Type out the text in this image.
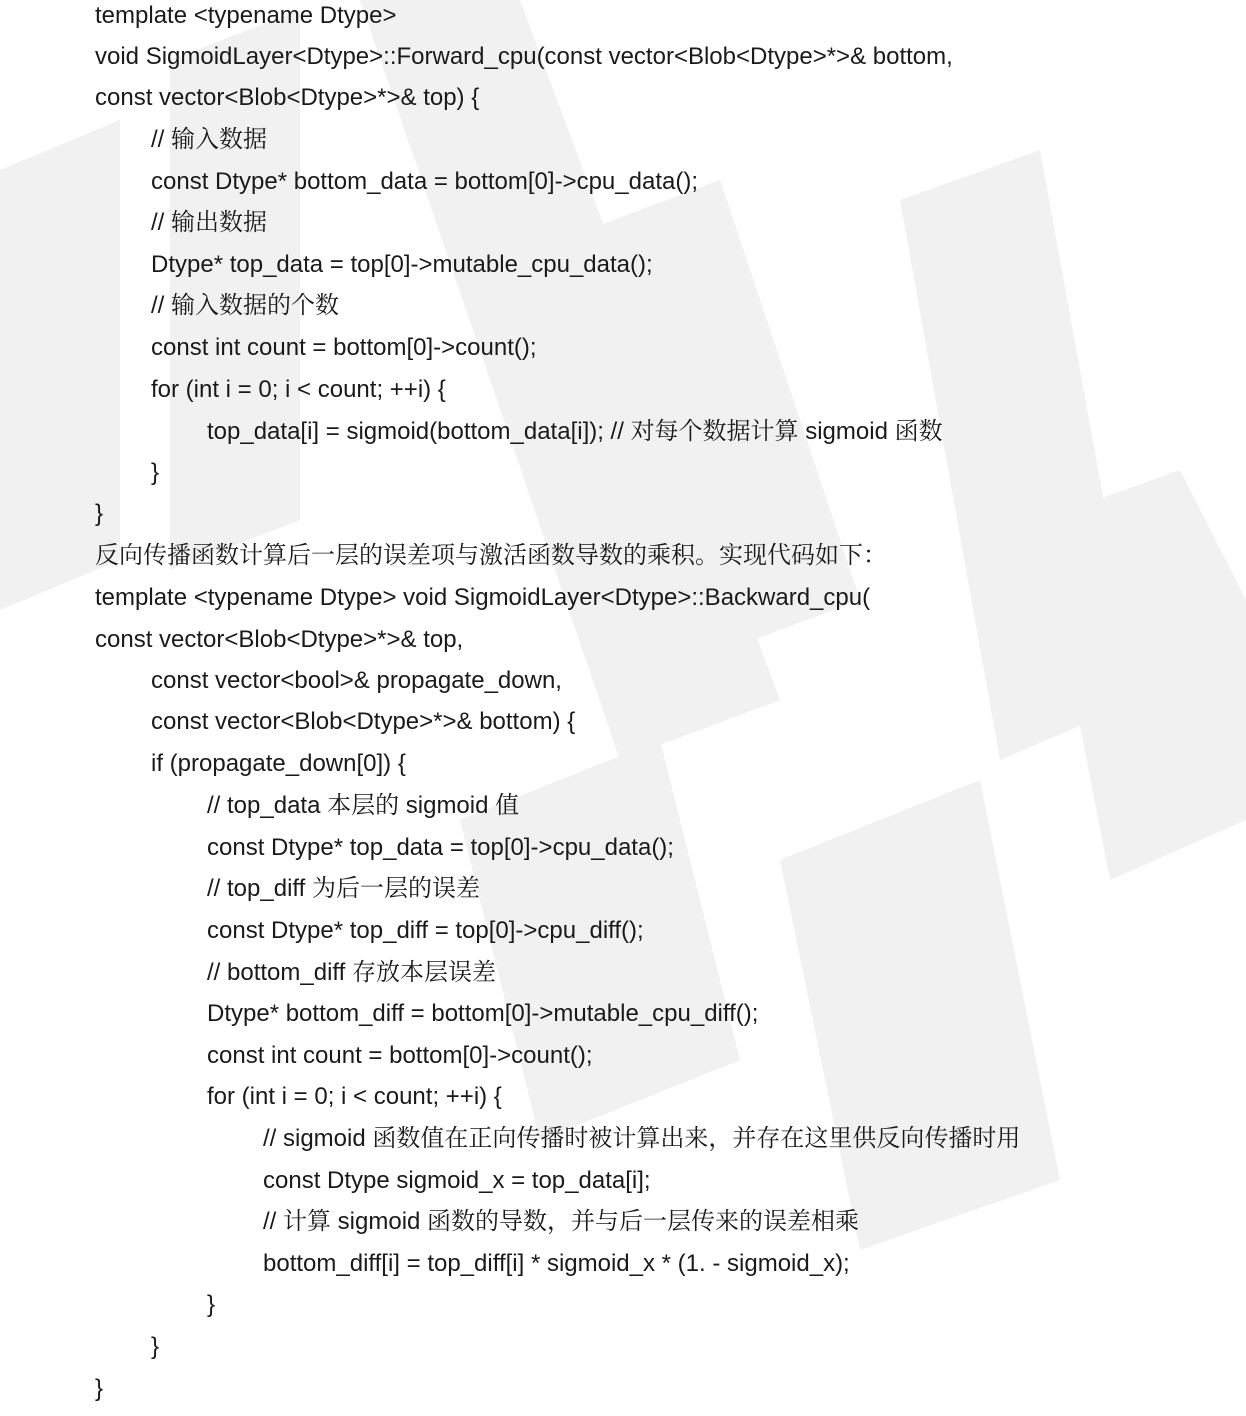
template <typename Dtype>
void SigmoidLayer<Dtype>::Forward_cpu(const vector<Blob<Dtype>*>& bottom,
const vector<Blob<Dtype>*>& top) {
// 输入数据
const Dtype* bottom_data = bottom[0]->cpu_data();
// 输出数据
Dtype* top_data = top[0]->mutable_cpu_data();
// 输入数据的个数
const int count = bottom[0]->count();
for (int i = 0; i < count; ++i) {
top_data[i] = sigmoid(bottom_data[i]); // 对每个数据计算 sigmoid 函数
}
}
反向传播函数计算后一层的误差项与激活函数导数的乘积。实现代码如下：
template <typename Dtype> void SigmoidLayer<Dtype>::Backward_cpu(
const vector<Blob<Dtype>*>& top,
const vector<bool>& propagate_down,
const vector<Blob<Dtype>*>& bottom) {
if (propagate_down[0]) {
// top_data 本层的 sigmoid 值
const Dtype* top_data = top[0]->cpu_data();
// top_diff 为后一层的误差
const Dtype* top_diff = top[0]->cpu_diff();
// bottom_diff 存放本层误差
Dtype* bottom_diff = bottom[0]->mutable_cpu_diff();
const int count = bottom[0]->count();
for (int i = 0; i < count; ++i) {
// sigmoid 函数值在正向传播时被计算出来，并存在这里供反向传播时用
const Dtype sigmoid_x = top_data[i];
// 计算 sigmoid 函数的导数，并与后一层传来的误差相乘
bottom_diff[i] = top_diff[i] * sigmoid_x * (1. - sigmoid_x);
}
}
}
